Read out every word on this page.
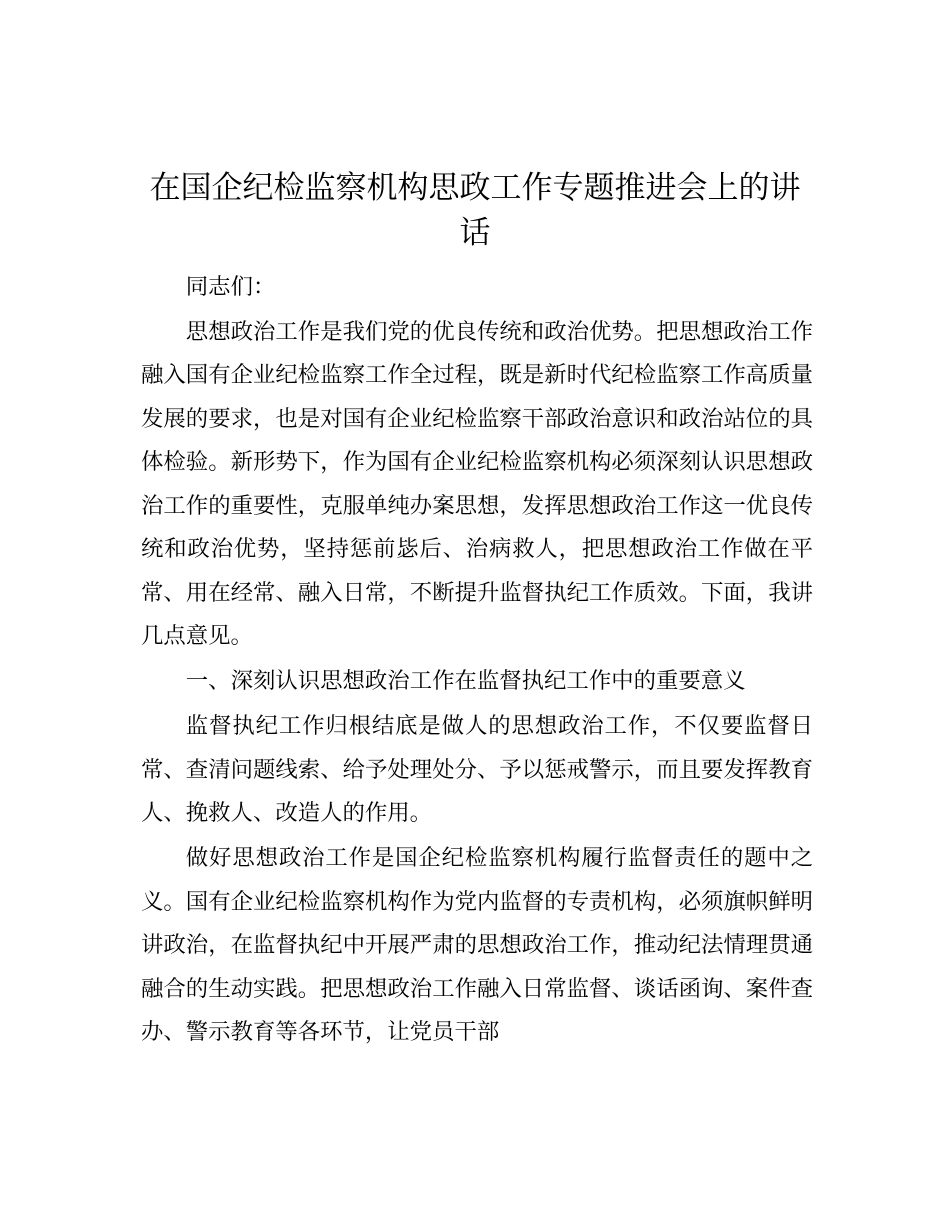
在国企纪检监察机构思政工作专题推进会上的讲话

同志们：

思想政治工作是我们党的优良传统和政治优势。把思想政治工作融入国有企业纪检监察工作全过程，既是新时代纪检监察工作高质量发展的要求，也是对国有企业纪检监察干部政治意识和政治站位的具体检验。新形势下，作为国有企业纪检监察机构必须深刻认识思想政治工作的重要性，克服单纯办案思想，发挥思想政治工作这一优良传统和政治优势，坚持惩前毖后、治病救人，把思想政治工作做在平常、用在经常、融入日常，不断提升监督执纪工作质效。下面，我讲几点意见。

一、深刻认识思想政治工作在监督执纪工作中的重要意义

监督执纪工作归根结底是做人的思想政治工作，不仅要监督日常、查清问题线索、给予处理处分、予以惩戒警示，而且要发挥教育人、挽救人、改造人的作用。

做好思想政治工作是国企纪检监察机构履行监督责任的题中之义。国有企业纪检监察机构作为党内监督的专责机构，必须旗帜鲜明讲政治，在监督执纪中开展严肃的思想政治工作，推动纪法情理贯通融合的生动实践。把思想政治工作融入日常监督、谈话函询、案件查办、警示教育等各环节，让党员干部
